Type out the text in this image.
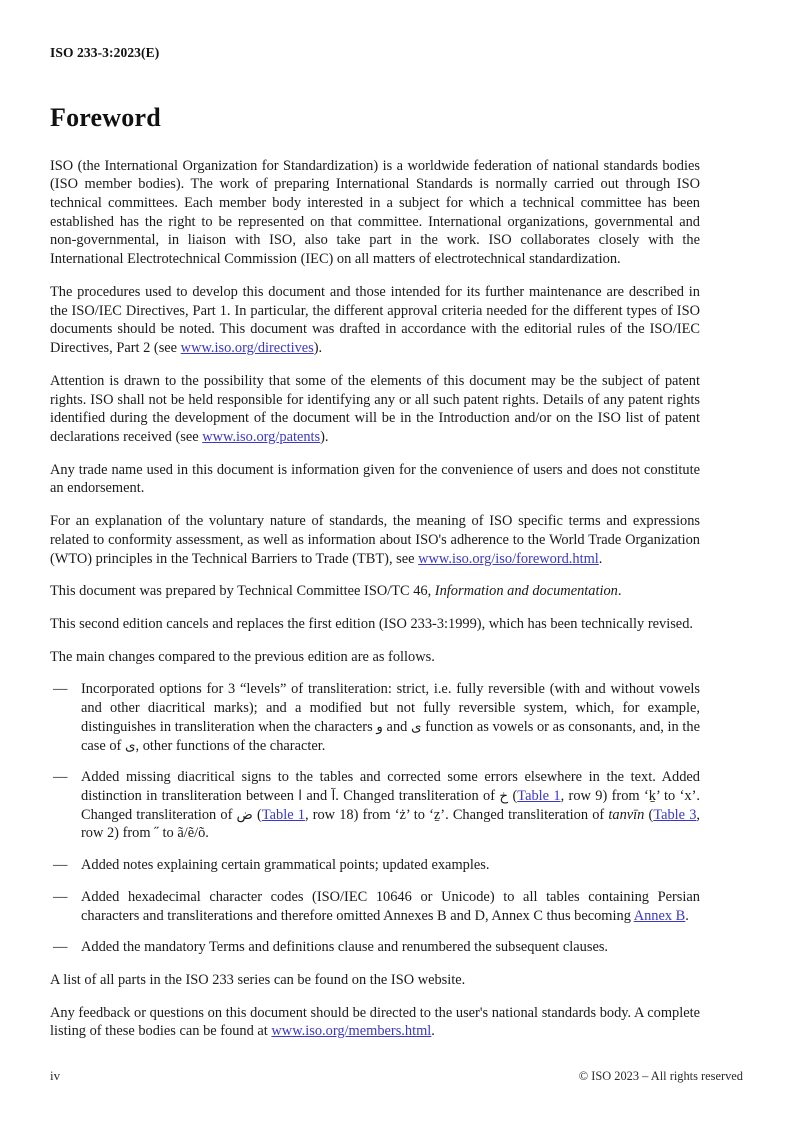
ISO 233-3:2023(E)
Foreword

ISO (the International Organization for Standardization) is a worldwide federation of national standards bodies (ISO member bodies). The work of preparing International Standards is normally carried out through ISO technical committees. Each member body interested in a subject for which a technical committee has been established has the right to be represented on that committee. International organizations, governmental and non-governmental, in liaison with ISO, also take part in the work. ISO collaborates closely with the International Electrotechnical Commission (IEC) on all matters of electrotechnical standardization.

The procedures used to develop this document and those intended for its further maintenance are described in the ISO/IEC Directives, Part 1. In particular, the different approval criteria needed for the different types of ISO documents should be noted. This document was drafted in accordance with the editorial rules of the ISO/IEC Directives, Part 2 (see www.iso.org/directives).

Attention is drawn to the possibility that some of the elements of this document may be the subject of patent rights. ISO shall not be held responsible for identifying any or all such patent rights. Details of any patent rights identified during the development of the document will be in the Introduction and/or on the ISO list of patent declarations received (see www.iso.org/patents).

Any trade name used in this document is information given for the convenience of users and does not constitute an endorsement.

For an explanation of the voluntary nature of standards, the meaning of ISO specific terms and expressions related to conformity assessment, as well as information about ISO's adherence to the World Trade Organization (WTO) principles in the Technical Barriers to Trade (TBT), see www.iso.org/iso/foreword.html.

This document was prepared by Technical Committee ISO/TC 46, Information and documentation.

This second edition cancels and replaces the first edition (ISO 233-3:1999), which has been technically revised.

The main changes compared to the previous edition are as follows.

— Incorporated options for 3 “levels” of transliteration: strict, i.e. fully reversible (with and without vowels and other diacritical marks); and a modified but not fully reversible system, which, for example, distinguishes in transliteration when the characters و and ی function as vowels or as consonants, and, in the case of ی, other functions of the character.
— Added missing diacritical signs to the tables and corrected some errors elsewhere in the text. Added distinction in transliteration between ا and آ. Changed transliteration of خ (Table 1, row 9) from ‘ḵ’ to ‘x’. Changed transliteration of ض (Table 1, row 18) from ‘ż’ to ‘ẕ’. Changed transliteration of tanvīn (Table 3, row 2) from ˝ to ã/ẽ/õ.
— Added notes explaining certain grammatical points; updated examples.
— Added hexadecimal character codes (ISO/IEC 10646 or Unicode) to all tables containing Persian characters and transliterations and therefore omitted Annexes B and D, Annex C thus becoming Annex B.
— Added the mandatory Terms and definitions clause and renumbered the subsequent clauses.

A list of all parts in the ISO 233 series can be found on the ISO website.

Any feedback or questions on this document should be directed to the user's national standards body. A complete listing of these bodies can be found at www.iso.org/members.html.

iv	© ISO 2023 – All rights reserved
